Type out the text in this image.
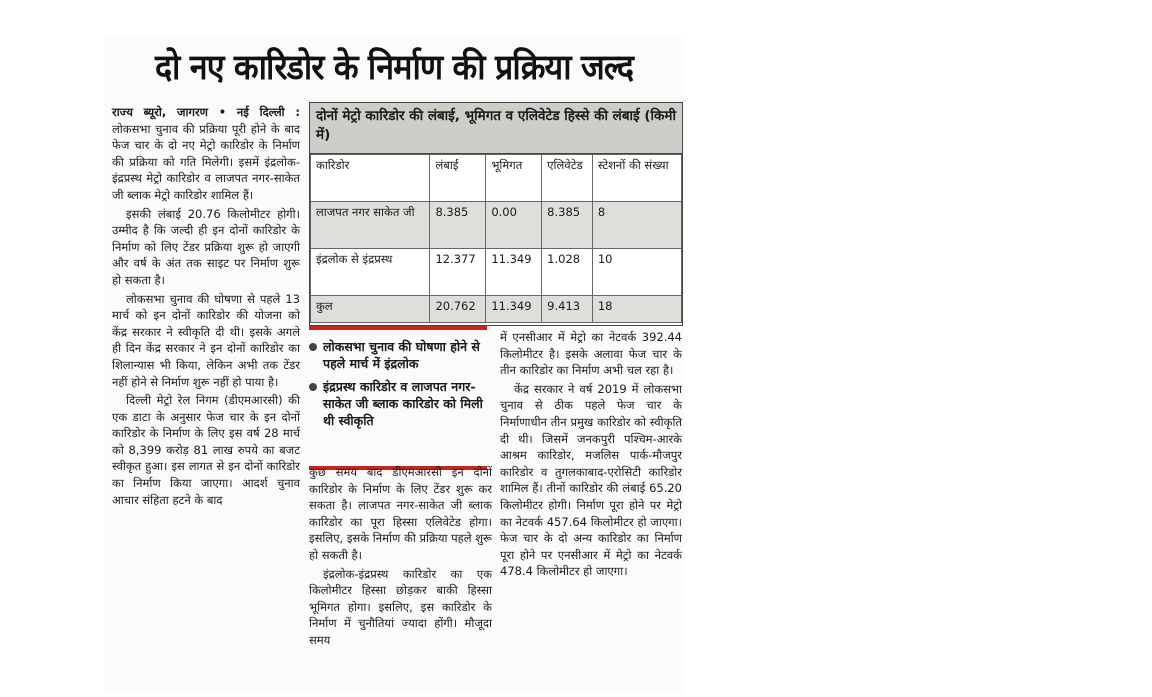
दो नए कारिडोर के निर्माण की प्रक्रिया जल्द

राज्य ब्यूरो, जागरण • नई दिल्ली : लोकसभा चुनाव की प्रक्रिया पूरी होने के बाद फेज चार के दो नए मेट्रो कारिडोर के निर्माण की प्रक्रिया को गति मिलेगी। इसमें इंद्रलोक-इंद्रप्रस्थ मेट्रो कारिडोर व लाजपत नगर-साकेत जी ब्लाक मेट्रो कारिडोर शामिल हैं।

इसकी लंबाई 20.76 किलोमीटर होगी। उम्मीद है कि जल्दी ही इन दोनों कारिडोर के निर्माण को लिए टेंडर प्रक्रिया शुरू हो जाएगी और वर्ष के अंत तक साइट पर निर्माण शुरू हो सकता है।

लोकसभा चुनाव की घोषणा से पहले 13 मार्च को इन दोनों कारिडोर की योजना को केंद्र सरकार ने स्वीकृति दी थी। इसके अगले ही दिन केंद्र सरकार ने इन दोनों कारिडोर का शिलान्यास भी किया, लेकिन अभी तक टेंडर नहीं होने से निर्माण शुरू नहीं हो पाया है।

दिल्ली मेट्रो रेल निगम (डीएमआरसी) की एक डाटा के अनुसार फेज चार के इन दोनों कारिडोर के निर्माण के लिए इस वर्ष 28 मार्च को 8,399 करोड़ 81 लाख रुपये का बजट स्वीकृत हुआ। इस लागत से इन दोनों कारिडोर का निर्माण किया जाएगा। आदर्श चुनाव आचार संहिता हटने के बाद

दोनों मेट्रो कारिडोर की लंबाई, भूमिगत व एलिवेटेड हिस्से की लंबाई (किमी में)
कारिडोर	लंबाई	भूमिगत	एलिवेटेड	स्टेशनों की संख्या
लाजपत नगर साकेत जी	8.385	0.00	8.385	8
इंद्रलोक से इंद्रप्रस्थ	12.377	11.349	1.028	10
कुल	20.762	11.349	9.413	18
लोकसभा चुनाव की घोषणा होने से पहले मार्च में इंद्रलोक
इंद्रप्रस्थ कारिडोर व लाजपत नगर-साकेत जी ब्लाक कारिडोर को मिली थी स्वीकृति

कुछ समय बाद डीएमआरसी इन दोनों कारिडोर के निर्माण के लिए टेंडर शुरू कर सकता है। लाजपत नगर-साकेत जी ब्लाक कारिडोर का पूरा हिस्सा एलिवेटेड होगा। इसलिए, इसके निर्माण की प्रक्रिया पहले शुरू हो सकती है।

इंद्रलोक-इंद्रप्रस्थ कारिडोर का एक किलोमीटर हिस्सा छोड़कर बाकी हिस्सा भूमिगत होगा। इसलिए, इस कारिडोर के निर्माण में चुनौतियां ज्यादा होंगी। मौजूदा समय

में एनसीआर में मेट्रो का नेटवर्क 392.44 किलोमीटर है। इसके अलावा फेज चार के तीन कारिडोर का निर्माण अभी चल रहा है।

केंद्र सरकार ने वर्ष 2019 में लोकसभा चुनाव से ठीक पहले फेज चार के निर्माणाधीन तीन प्रमुख कारिडोर को स्वीकृति दी थी। जिसमें जनकपुरी पश्चिम-आरके आश्रम कारिडोर, मजलिस पार्क-मौजपुर कारिडोर व तुगलकाबाद-एरोसिटी कारिडोर शामिल हैं। तीनों कारिडोर की लंबाई 65.20 किलोमीटर होगी। निर्माण पूरा होने पर मेट्रो का नेटवर्क 457.64 किलोमीटर हो जाएगा। फेज चार के दो अन्य कारिडोर का निर्माण पूरा होने पर एनसीआर में मेट्रो का नेटवर्क 478.4 किलोमीटर हो जाएगा।
